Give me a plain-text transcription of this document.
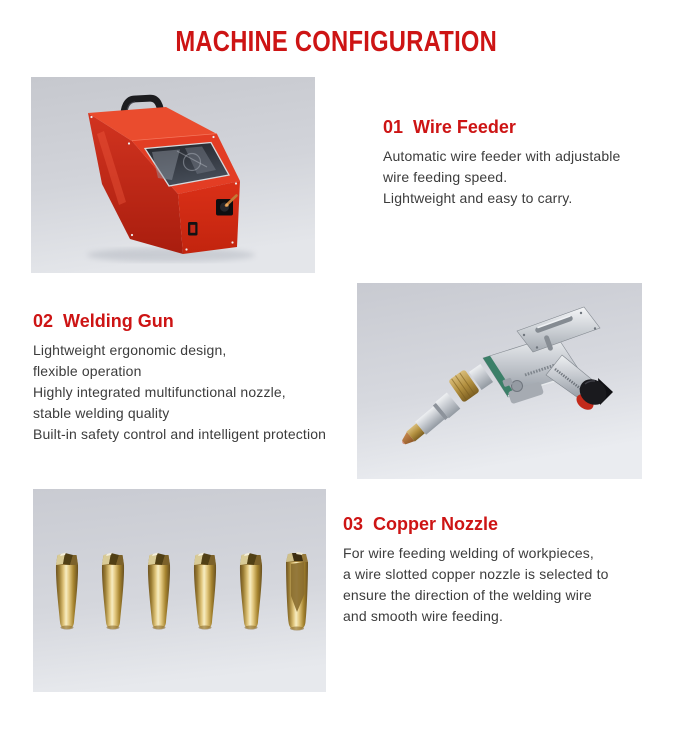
MACHINE CONFIGURATION
01 Wire Feeder

Automatic wire feeder with adjustable

wire feeding speed.

Lightweight and easy to carry.

02 Welding Gun

Lightweight ergonomic design,

flexible operation

Highly integrated multifunctional nozzle,

stable welding quality

Built-in safety control and intelligent protection

03 Copper Nozzle

For wire feeding welding of workpieces,

a wire slotted copper nozzle is selected to

ensure the direction of the welding wire

and smooth wire feeding.
